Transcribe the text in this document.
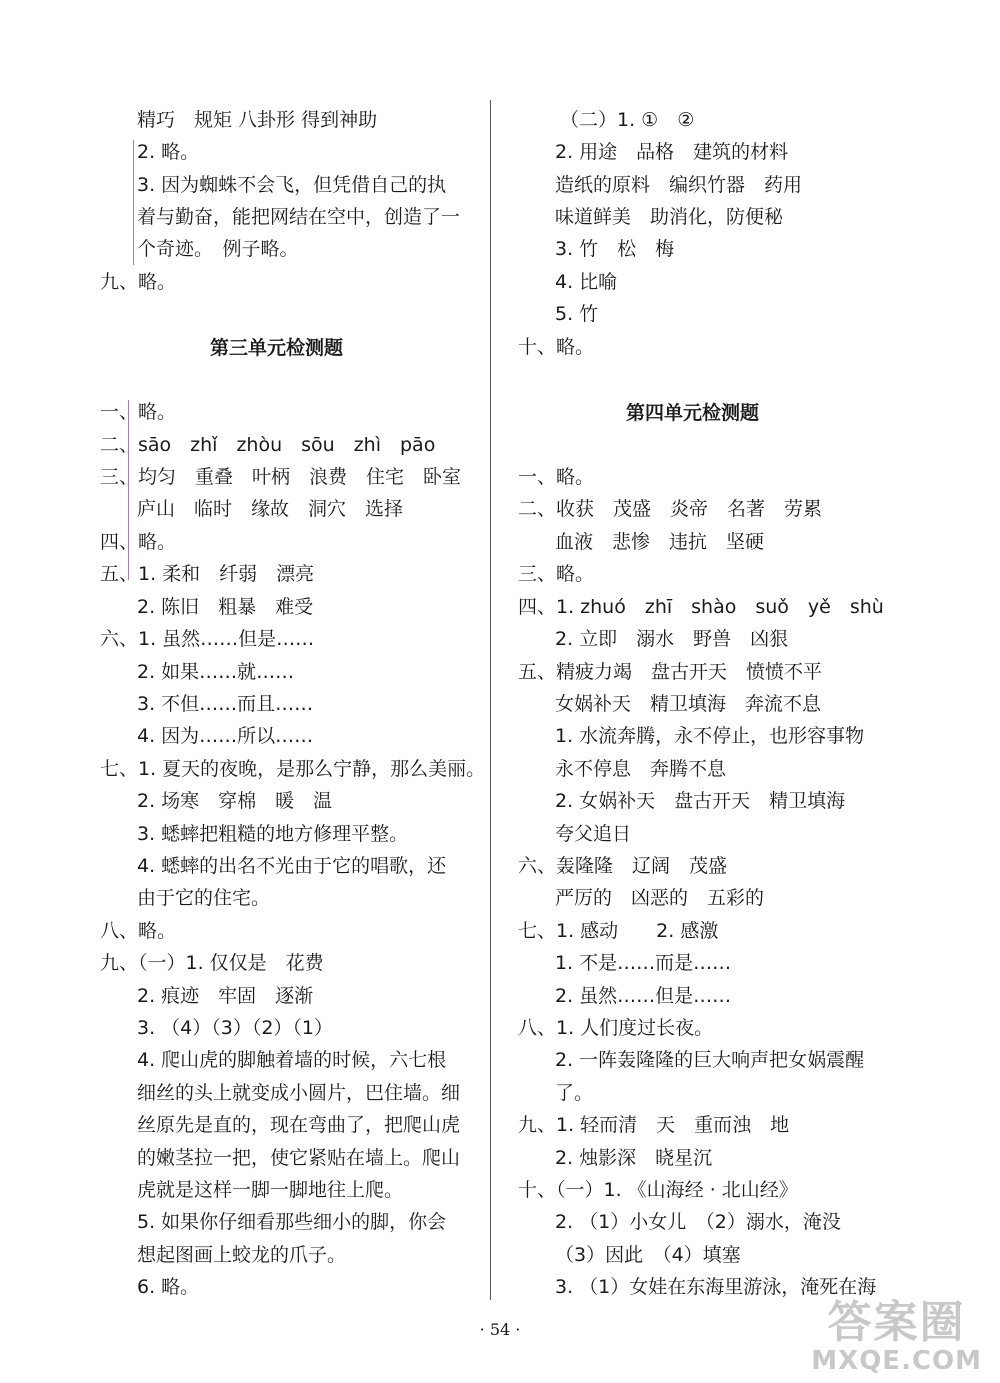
精巧　规矩 八卦形 得到神助
2. 略。
3. 因为蜘蛛不会飞，但凭借自己的执
着与勤奋，能把网结在空中，创造了一
个奇迹。　例子略。
九、略。
第三单元检测题
一、略。
二、sāo　zhǐ　zhòu　sōu　zhì　pāo
三、均匀　重叠　叶柄　浪费　住宅　卧室
庐山　临时　缘故　洞穴　选择
四、略。
五、1. 柔和　纤弱　漂亮
2. 陈旧　粗暴　难受
六、1. 虽然……但是……
2. 如果……就……
3. 不但……而且……
4. 因为……所以……
七、1. 夏天的夜晚，是那么宁静，那么美丽。
2. 场寒　穿棉　暖　温
3. 蟋蟀把粗糙的地方修理平整。
4. 蟋蟀的出名不光由于它的唱歌，还
由于它的住宅。
八、略。
九、（一）1. 仅仅是　花费
2. 痕迹　牢固　逐渐
3. （4）（3）（2）（1）
4. 爬山虎的脚触着墙的时候，六七根
细丝的头上就变成小圆片，巴住墙。细
丝原先是直的，现在弯曲了，把爬山虎
的嫩茎拉一把，使它紧贴在墙上。爬山
虎就是这样一脚一脚地往上爬。
5. 如果你仔细看那些细小的脚，你会
想起图画上蛟龙的爪子。
6. 略。
（二）1. ①　②
2. 用途　品格　建筑的材料
造纸的原料　编织竹器　药用
味道鲜美　助消化，防便秘
3. 竹　松　梅
4. 比喻
5. 竹
十、略。
第四单元检测题
一、略。
二、收获　茂盛　炎帝　名著　劳累
血液　悲惨　违抗　坚硬
三、略。
四、1. zhuó　zhī　shào　suǒ　yě　shù
2. 立即　溺水　野兽　凶狠
五、精疲力竭　盘古开天　愤愤不平
女娲补天　精卫填海　奔流不息
1. 水流奔腾，永不停止，也形容事物
永不停息　奔腾不息
2. 女娲补天　盘古开天　精卫填海
夸父追日
六、轰隆隆　辽阔　茂盛
严厉的　凶恶的　五彩的
七、1. 感动　　2. 感激
1. 不是……而是……
2. 虽然……但是……
八、1. 人们度过长夜。
2. 一阵轰隆隆的巨大响声把女娲震醒
了。
九、1. 轻而清　天　重而浊　地
2. 烛影深　晓星沉
十、（一）1. 《山海经 · 北山经》
2. （1）小女儿　（2）溺水，淹没
（3）因此　（4）填塞
3. （1）女娃在东海里游泳，淹死在海
· 54 ·	答案圈
MXQE.COM
